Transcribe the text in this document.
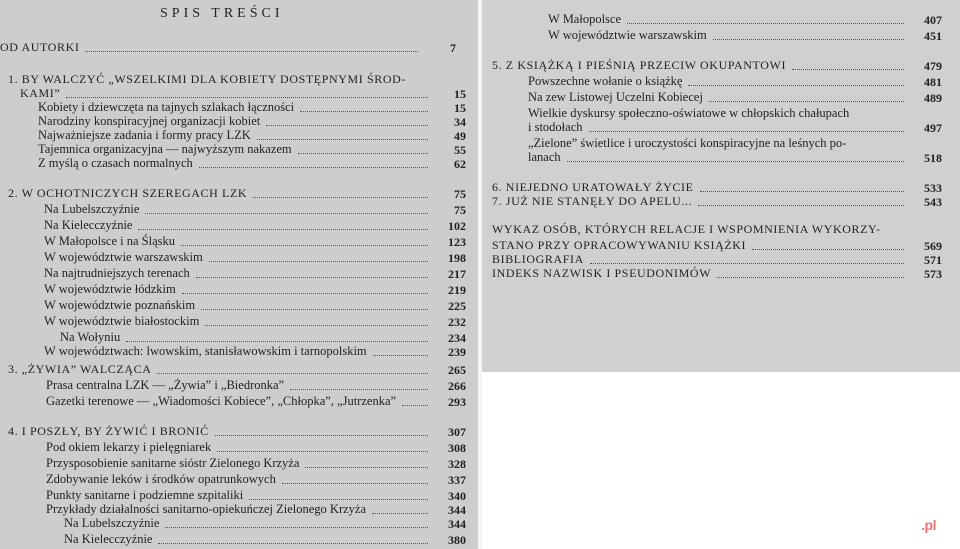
SPIS TREŚCI
OD AUTORKI	7
1. BY WALCZYĆ „WSZELKIMI DLA KOBIETY DOSTĘPNYMI ŚROD-
KAMI”	15
Kobiety i dziewczęta na tajnych szlakach łączności	15
Narodziny konspiracyjnej organizacji kobiet	34
Najważniejsze zadania i formy pracy LZK	49
Tajemnica organizacyjna — najwyższym nakazem	55
Z myślą o czasach normalnych	62
2. W OCHOTNICZYCH SZEREGACH LZK	75
Na Lubelszczyźnie	75
Na Kielecczyźnie	102
W Małopolsce i na Śląsku	123
W województwie warszawskim	198
Na najtrudniejszych terenach	217
W województwie łódzkim	219
W województwie poznańskim	225
W województwie białostockim	232
Na Wołyniu	234
W województwach: lwowskim, stanisławowskim i tarnopolskim	239
3. „ŻYWIA” WALCZĄCA	265
Prasa centralna LZK — „Żywia” i „Biedronka”	266
Gazetki terenowe — „Wiadomości Kobiece”, „Chłopka”, „Jutrzenka”	293
4. I POSZŁY, BY ŻYWIĆ I BRONIĆ	307
Pod okiem lekarzy i pielęgniarek	308
Przysposobienie sanitarne sióstr Zielonego Krzyża	328
Zdobywanie leków i środków opatrunkowych	337
Punkty sanitarne i podziemne szpitaliki	340
Przykłady działalności sanitarno-opiekuńczej Zielonego Krzyża	344
Na Lubelszczyźnie	344
Na Kielecczyźnie	380
W Małopolsce	407
W województwie warszawskim	451
5. Z KSIĄŻKĄ I PIEŚNIĄ PRZECIW OKUPANTOWI	479
Powszechne wołanie o książkę	481
Na zew Listowej Uczelni Kobiecej	489
Wielkie dyskursy społeczno-oświatowe w chłopskich chałupach
i stodołach	497
„Zielone” świetlice i uroczystości konspiracyjne na leśnych po-
lanach	518
6. NIEJEDNO URATOWAŁY ŻYCIE	533
7. JUŻ NIE STANĘŁY DO APELU...	543
WYKAZ OSÓB, KTÓRYCH RELACJE I WSPOMNIENIA WYKORZY-
STANO PRZY OPRACOWYWANIU KSIĄŻKI	569
BIBLIOGRAFIA	571
INDEKS NAZWISK I PSEUDONIMÓW	573
Sprzedajemy.pl
